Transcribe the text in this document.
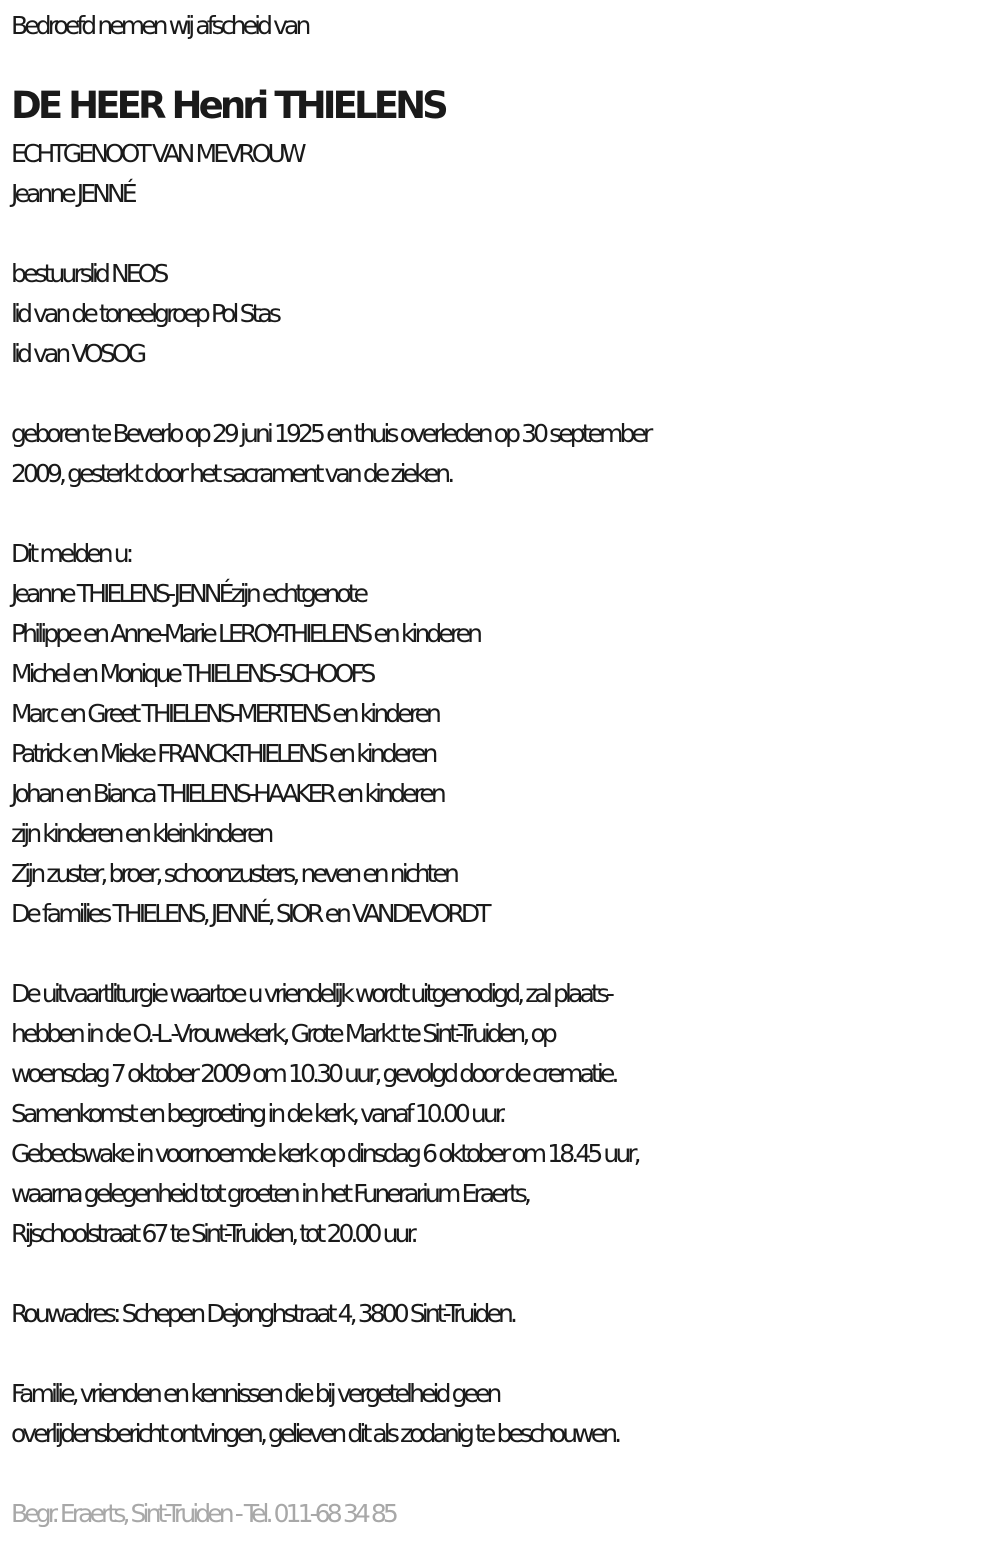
Bedroefd nemen wij afscheid van
DE HEER Henri THIELENS
ECHTGENOOT VAN MEVROUW
Jeanne JENNÉ
bestuurslid NEOS
lid van de toneelgroep Pol Stas
lid van VOSOG
geboren te Beverlo op 29 juni 1925 en thuis overleden op 30 september
2009, gesterkt door het sacrament van de zieken.
Dit melden u:
Jeanne THIELENS-JENNÉzijn echtgenote
Philippe en Anne-Marie LEROY-THIELENS en kinderen
Michel en Monique THIELENS-SCHOOFS
Marc en Greet THIELENS-MERTENS en kinderen
Patrick en Mieke FRANCK-THIELENS en kinderen
Johan en Bianca THIELENS-HAAKER en kinderen
zijn kinderen en kleinkinderen
Zijn zuster, broer, schoonzusters, neven en nichten
De families THIELENS, JENNÉ, SIOR en VANDEVORDT
De uitvaartliturgie waartoe u vriendelijk wordt uitgenodigd, zal plaats-
hebben in de O.-L.-Vrouwekerk, Grote Markt te Sint-Truiden, op
woensdag 7 oktober 2009 om 10.30 uur, gevolgd door de crematie.
Samenkomst en begroeting in de kerk, vanaf 10.00 uur.
Gebedswake in voornoemde kerk op dinsdag 6 oktober om 18.45 uur,
waarna gelegenheid tot groeten in het Funerarium Eraerts,
Rijschoolstraat 67 te Sint-Truiden, tot 20.00 uur.
Rouwadres: Schepen Dejonghstraat 4, 3800 Sint-Truiden.
Familie, vrienden en kennissen die bij vergetelheid geen
overlijdensbericht ontvingen, gelieven dit als zodanig te beschouwen.
Begr. Eraerts, Sint-Truiden - Tel. 011-68 34 85
